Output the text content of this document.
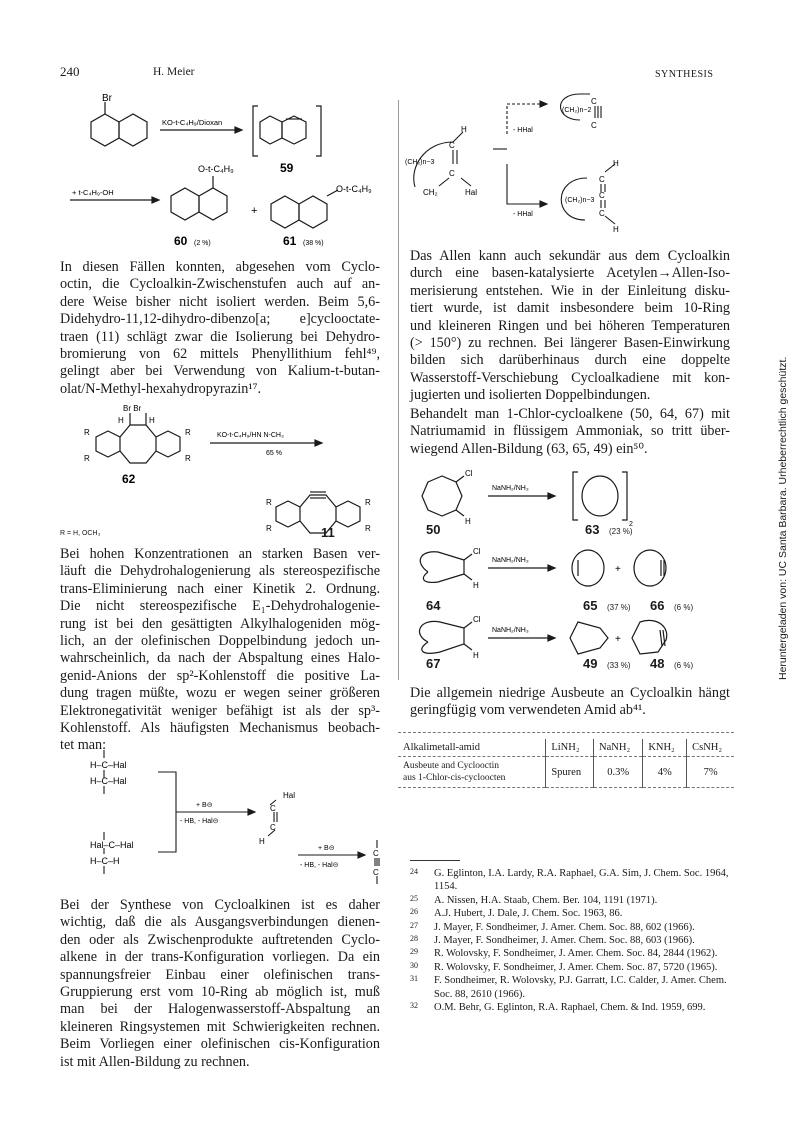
240	H. Meier	SYNTHESIS
Br
KO-t-C₄H₉/Dioxan
+ t-C₄H₉-OH
O-t-C₄H₉
O-t-C₄H₉
+
59
60 (2 %)	61 (38 %)
In diesen Fällen konnten, abgesehen vom Cyclo-
octin, die Cycloalkin-Zwischenstufen auch auf an-
dere Weise bisher nicht isoliert werden. Beim 5,6-
Didehydro-11,12-dihydro-dibenzo[a; e]cyclooctate-
traen (11) schlägt zwar die Isolierung bei Dehydro-
bromierung von 62 mittels Phenyllithium fehl⁴⁹,
gelingt aber bei Verwendung von Kalium-t-butan-
olat/N-Methyl-hexahydropyrazin¹⁷.
Br Br
H	H
R
R
R
R
KO-t-C₄H₉/HN N-CH₃
65 %
62
R
R
R
R
R = H, OCH₃	11
Bei hohen Konzentrationen an starken Basen ver-
läuft die Dehydrohalogenierung als stereospezifische
trans-Eliminierung nach einer Kinetik 2. Ordnung.
Die nicht stereospezifische E₁-Dehydrohalogenie-
rung ist bei den gesättigten Alkylhalogeniden mög-
lich, an der olefinischen Doppelbindung jedoch un-
wahrscheinlich, da nach der Abspaltung eines Halo-
genid-Anions der sp²-Kohlenstoff die positive La-
dung tragen müßte, wozu er wegen seiner größeren
Elektronegativität weniger befähigt ist als der sp³-
Kohlenstoff. Als häufigsten Mechanismus beobach-
tet man:
H–C–Hal
H–C–Hal
Hal–C–Hal
H–C–H
+ B⊝
- HB, - Hal⊝
Hal
C
C
H
+ B⊝
- HB, - Hal⊝
C
C
Bei der Synthese von Cycloalkinen ist es daher
wichtig, daß die als Ausgangsverbindungen dienen-
den oder als Zwischenprodukte auftretenden Cyclo-
alkene in der trans-Konfiguration vorliegen. Da ein
spannungsfreier Einbau einer olefinischen trans-
Gruppierung erst vom 10-Ring ab möglich ist, muß
man bei der Halogenwasserstoff-Abspaltung an
kleineren Ringsystemen mit Schwierigkeiten rechnen.
Beim Vorliegen einer olefinischen cis-Konfiguration
ist mit Allen-Bildung zu rechnen.
H
C
(CH₂)n−3
C
CH₂	Hal
- HHal
- HHal
C
(CH₂)n−2
C
H
C
(CH₂)n−3
C
C
H
Das Allen kann auch sekundär aus dem Cycloalkin
durch eine basen-katalysierte Acetylen→Allen-Iso-
merisierung entstehen. Wie in der Einleitung disku-
tiert wurde, ist damit insbesondere beim 10-Ring
und kleineren Ringen und bei höheren Temperaturen
(> 150°) zu rechnen. Bei längerer Basen-Einwirkung
bilden sich darüberhinaus durch eine doppelte
Wasserstoff-Verschiebung Cycloalkadiene mit kon-
jugierten und isolierten Doppelbindungen.
Behandelt man 1-Chlor-cycloalkene (50, 64, 67) mit
Natriumamid in flüssigem Ammoniak, so tritt über-
wiegend Allen-Bildung (63, 65, 49) ein⁵⁰.
Cl
H
NaNH₂/NH₃
2
Cl
H
NaNH₂/NH₃
+
Cl
H
NaNH₂/NH₃
+
50	63 (23 %)
64	65 (37 %) 66 (6 %)
67	49 (33 %) 48 (6 %)
Die allgemein niedrige Ausbeute an Cycloalkin hängt
geringfügig vom verwendeten Amid ab⁴¹.
Alkalimetall-amid	LiNH₂	NaNH₂	KNH₂	CsNH₂
Ausbeute and Cyclooctin
aus 1-Chlor-cis-cycloocten	Spuren	0.3%	4%	7%
24 G. Eglinton, I.A. Lardy, R.A. Raphael, G.A. Sim, J. Chem. Soc. 1964, 1154.
25 A. Nissen, H.A. Staab, Chem. Ber. 104, 1191 (1971).
26 A.J. Hubert, J. Dale, J. Chem. Soc. 1963, 86.
27 J. Mayer, F. Sondheimer, J. Amer. Chem. Soc. 88, 602 (1966).
28 J. Mayer, F. Sondheimer, J. Amer. Chem. Soc. 88, 603 (1966).
29 R. Wolovsky, F. Sondheimer, J. Amer. Chem. Soc. 84, 2844 (1962).
30 R. Wolovsky, F. Sondheimer, J. Amer. Chem. Soc. 87, 5720 (1965).
31 F. Sondheimer, R. Wolovsky, P.J. Garratt, I.C. Calder, J. Amer. Chem. Soc. 88, 2610 (1966).
32 O.M. Behr, G. Eglinton, R.A. Raphael, Chem. & Ind. 1959, 699.
Heruntergeladen von: UC Santa Barbara. Urheberrechtlich geschützt.
